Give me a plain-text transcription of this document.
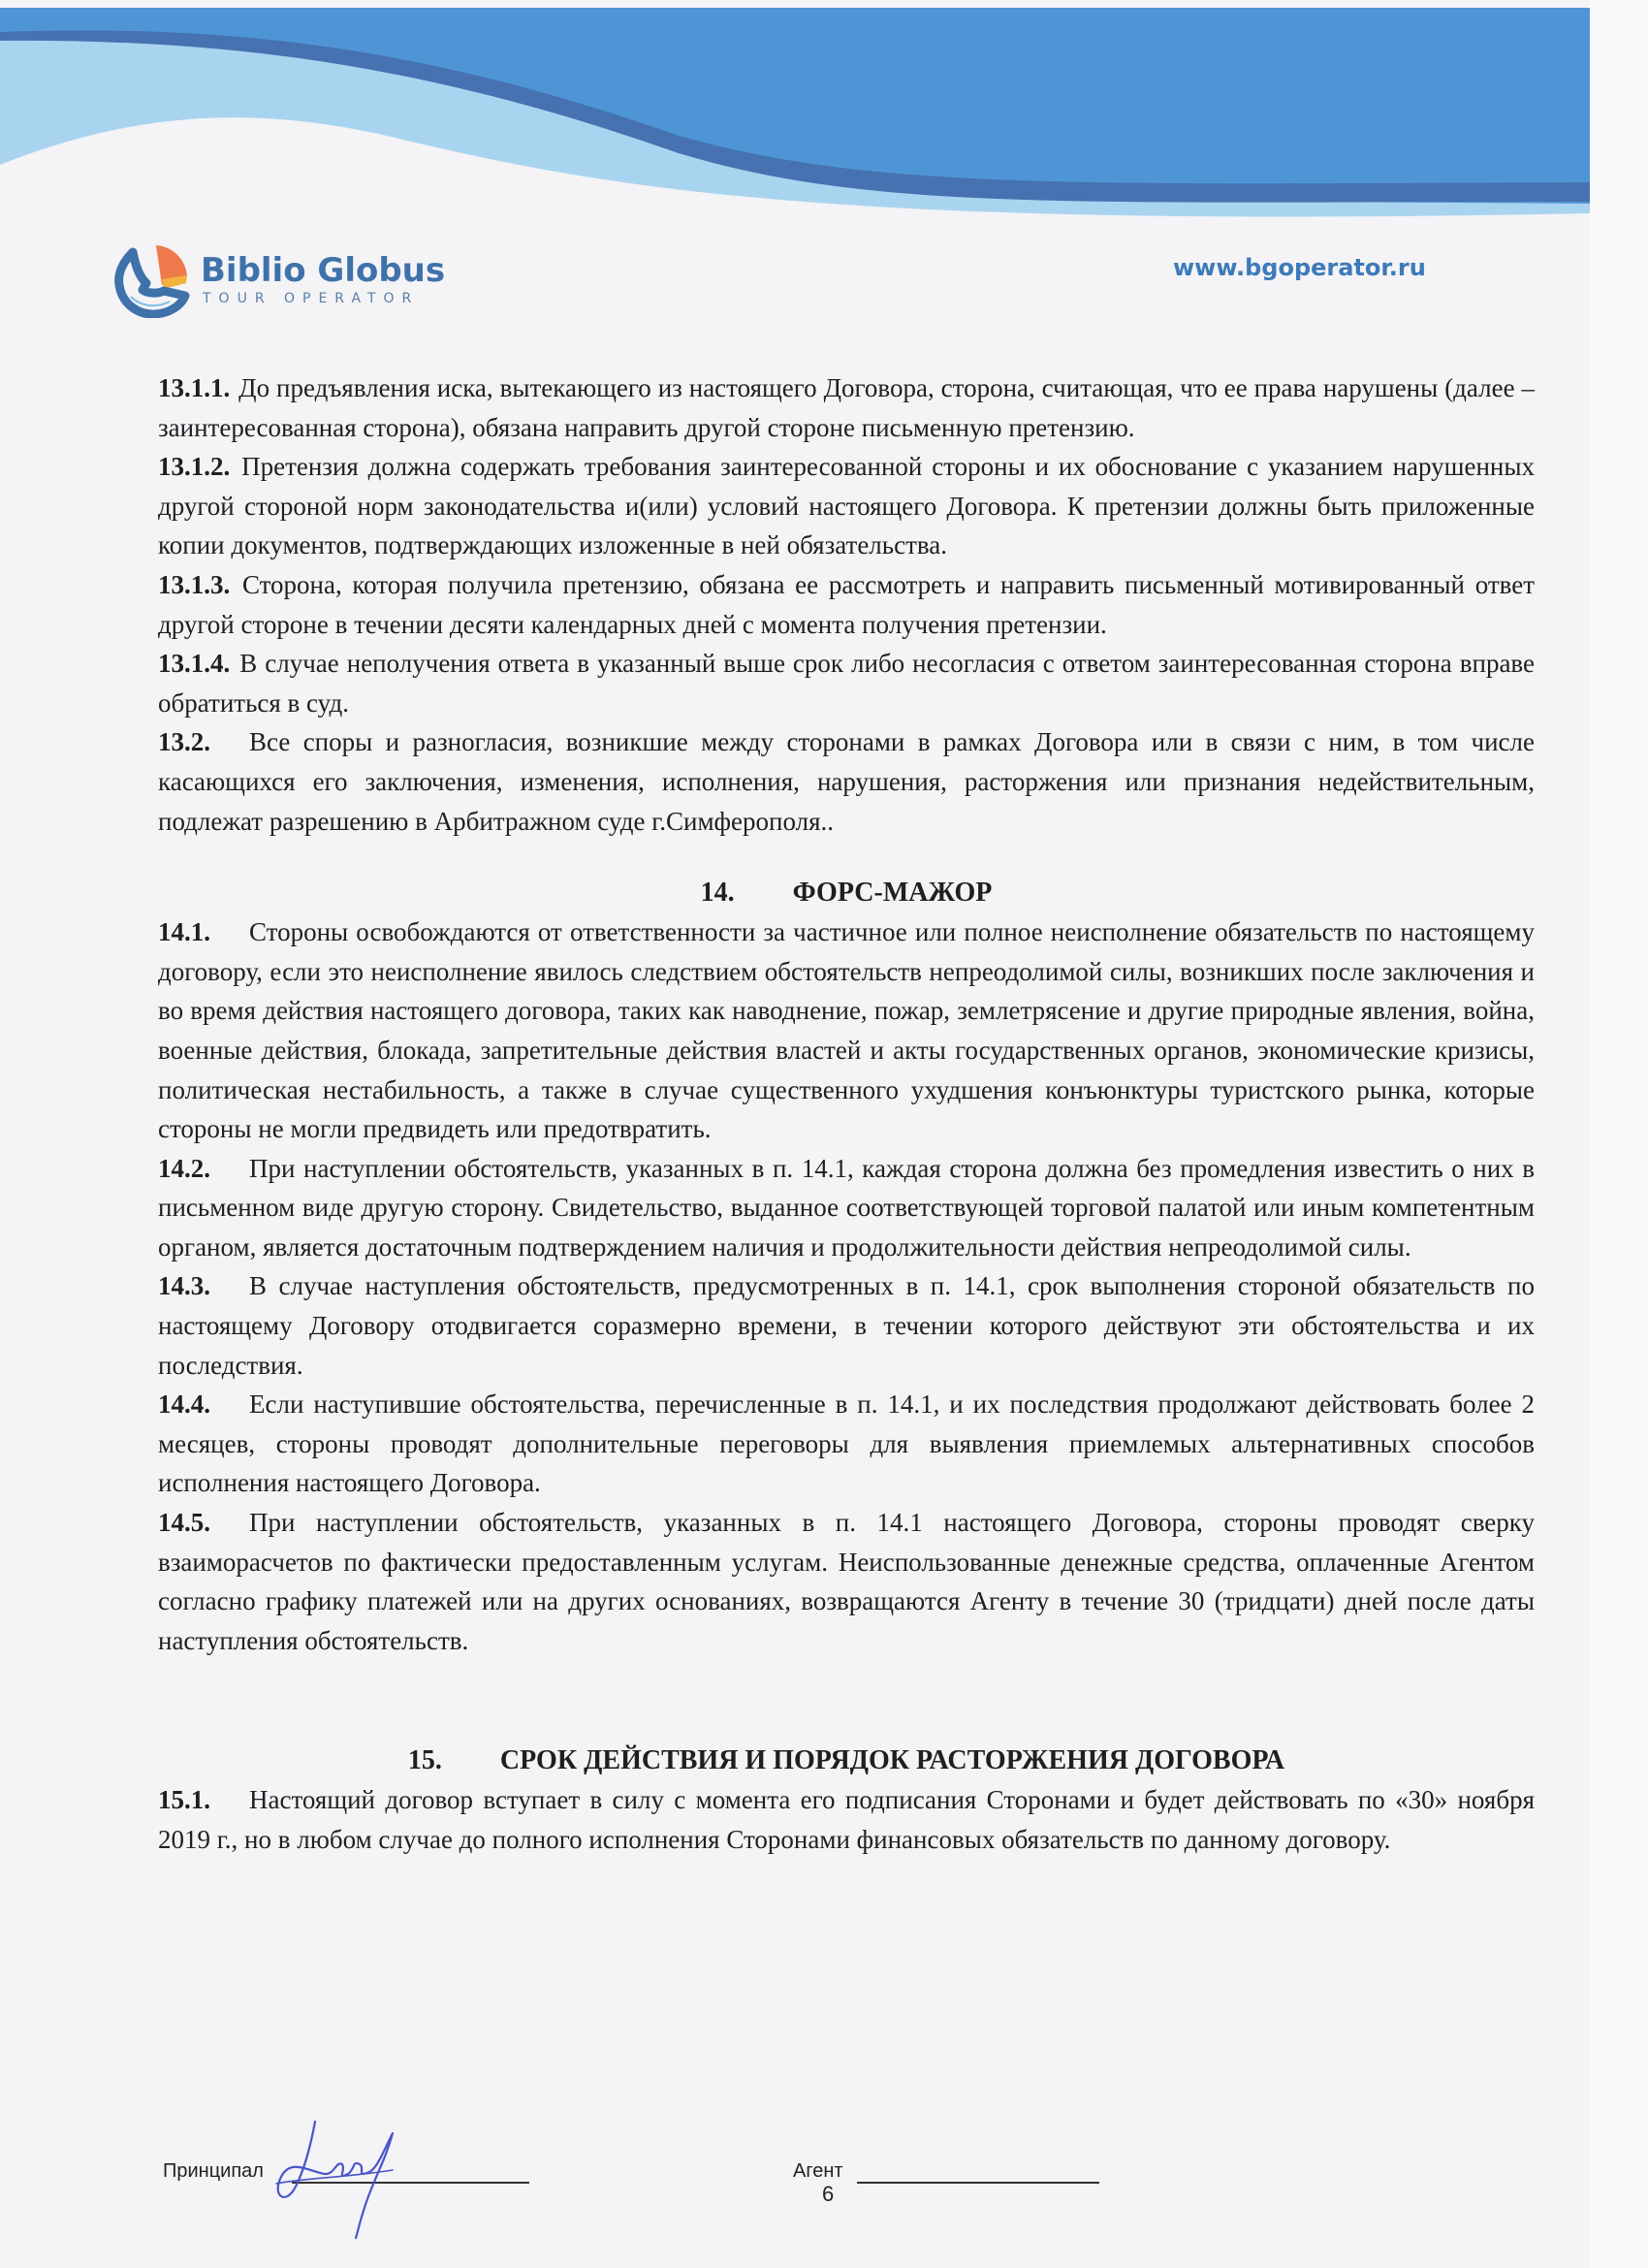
Biblio Globus
TOUR OPERATOR
www.bgoperator.ru

13.1.1. До предъявления иска, вытекающего из настоящего Договора, сторона, считающая, что ее права нарушены (далее – заинтересованная сторона), обязана направить другой стороне письменную претензию.

13.1.2. Претензия должна содержать требования заинтересованной стороны и их обоснование с указанием нарушенных другой стороной норм законодательства и(или) условий настоящего Договора. К претензии должны быть приложенные копии документов, подтверждающих изложенные в ней обязательства.

13.1.3. Сторона, которая получила претензию, обязана ее рассмотреть и направить письменный мотивированный ответ другой стороне в течении десяти календарных дней с момента получения претензии.

13.1.4. В случае неполучения ответа в указанный выше срок либо несогласия с ответом заинтересованная сторона вправе обратиться в суд.

13.2. Все споры и разногласия, возникшие между сторонами в рамках Договора или в связи с ним, в том числе касающихся его заключения, изменения, исполнения, нарушения, расторжения или признания недействительным, подлежат разрешению в Арбитражном суде г.Симферополя..

14. ФОРС-МАЖОР

14.1. Стороны освобождаются от ответственности за частичное или полное неисполнение обязательств по настоящему договору, если это неисполнение явилось следствием обстоятельств непреодолимой силы, возникших после заключения и во время действия настоящего договора, таких как наводнение, пожар, землетрясение и другие природные явления, война, военные действия, блокада, запретительные действия властей и акты государственных органов, экономические кризисы, политическая нестабильность, а также в случае существенного ухудшения конъюнктуры туристского рынка, которые стороны не могли предвидеть или предотвратить.

14.2. При наступлении обстоятельств, указанных в п. 14.1, каждая сторона должна без промедления известить о них в письменном виде другую сторону. Свидетельство, выданное соответствующей торговой палатой или иным компетентным органом, является достаточным подтверждением наличия и продолжительности действия непреодолимой силы.

14.3. В случае наступления обстоятельств, предусмотренных в п. 14.1, срок выполнения стороной обязательств по настоящему Договору отодвигается соразмерно времени, в течении которого действуют эти обстоятельства и их последствия.

14.4. Если наступившие обстоятельства, перечисленные в п. 14.1, и их последствия продолжают действовать более 2 месяцев, стороны проводят дополнительные переговоры для выявления приемлемых альтернативных способов исполнения настоящего Договора.

14.5. При наступлении обстоятельств, указанных в п. 14.1 настоящего Договора, стороны проводят сверку взаиморасчетов по фактически предоставленным услугам. Неиспользованные денежные средства, оплаченные Агентом согласно графику платежей или на других основаниях, возвращаются Агенту в течение 30 (тридцати) дней после даты наступления обстоятельств.

15. СРОК ДЕЙСТВИЯ И ПОРЯДОК РАСТОРЖЕНИЯ ДОГОВОРА

15.1. Настоящий договор вступает в силу с момента его подписания Сторонами и будет действовать по «30» ноября 2019 г., но в любом случае до полного исполнения Сторонами финансовых обязательств по данному договору.

Принципал	Агент
6
